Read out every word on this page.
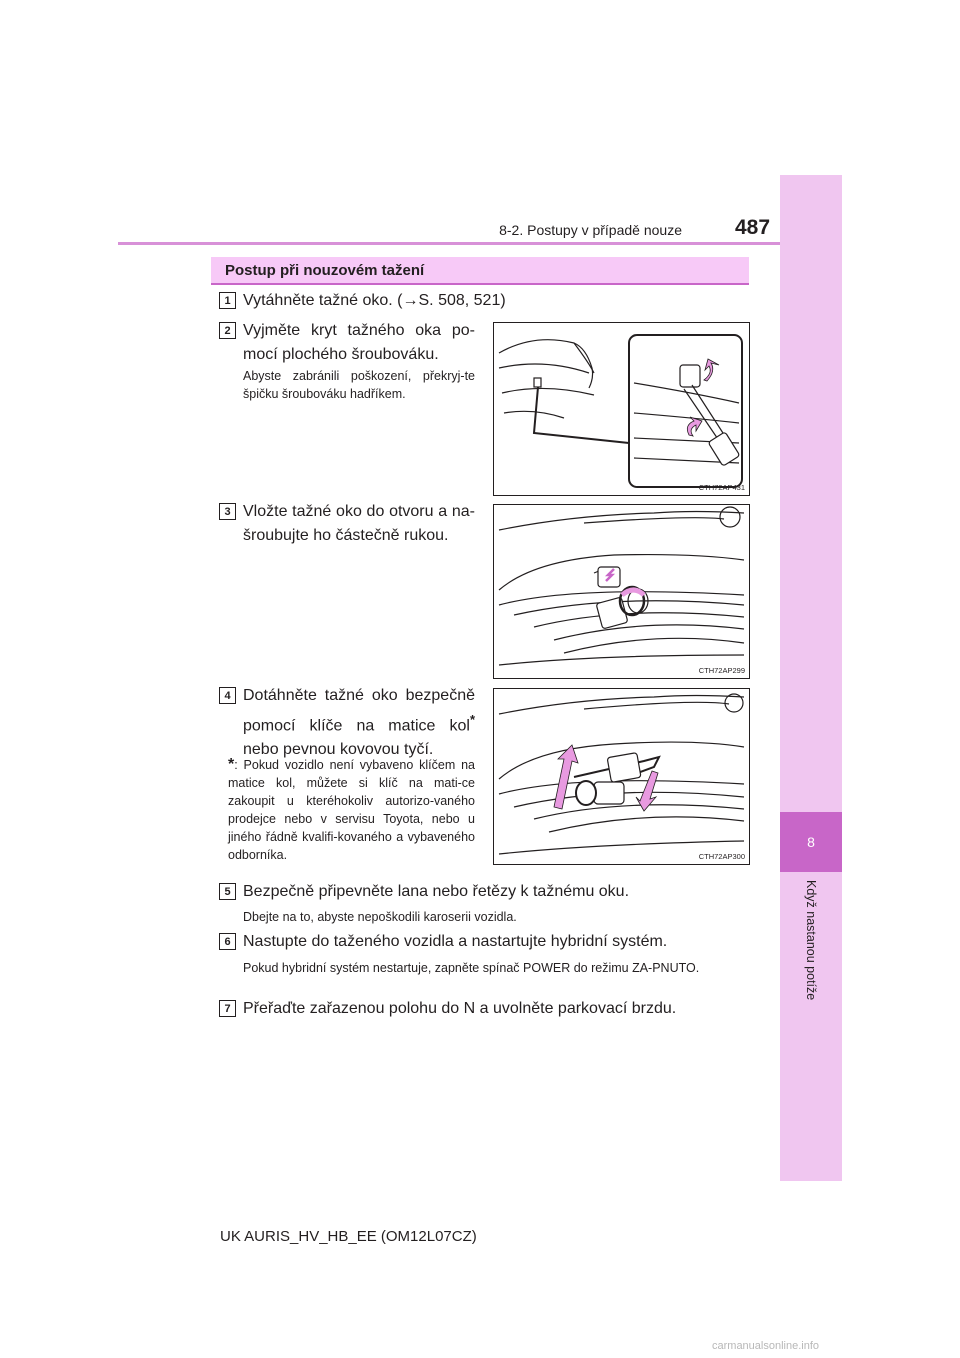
8-2. Postupy v případě nouze	487
8
Když nastanou potíže
Postup při nouzovém tažení
1 Vytáhněte tažné oko. (→S. 508, 521)
2 Vyjměte kryt tažného oka po-mocí plochého šroubováku.
Abyste zabránili poškození, překryj-te špičku šroubováku hadříkem.
CTH72AP431
3 Vložte tažné oko do otvoru a na-šroubujte ho částečně rukou.
CTH72AP299
4 Dotáhněte tažné oko bezpečně pomocí klíče na matice kol* nebo pevnou kovovou tyčí.
*: Pokud vozidlo není vybaveno klíčem na matice kol, můžete si klíč na mati-ce zakoupit u kteréhokoliv autorizo-vaného prodejce nebo v servisu Toyota, nebo u jiného řádně kvalifi-kovaného a vybaveného odborníka.	CTH72AP300
5 Bezpečně připevněte lana nebo řetězy k tažnému oku.
Dbejte na to, abyste nepoškodili karoserii vozidla.
6 Nastupte do taženého vozidla a nastartujte hybridní systém.
Pokud hybridní systém nestartuje, zapněte spínač POWER do režimu ZA-PNUTO.
7 Přeřaďte zařazenou polohu do N a uvolněte parkovací brzdu.
UK AURIS_HV_HB_EE (OM12L07CZ)
carmanualsonline.info
